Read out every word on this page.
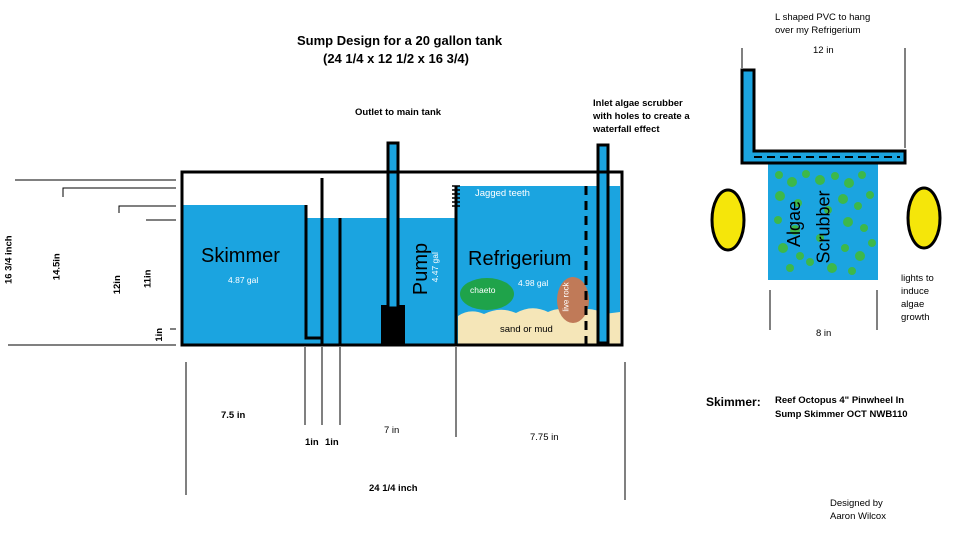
Sump Design for a 20 gallon tank
(24 1/4 x 12 1/2 x 16 3/4)
Outlet to main tank
Inlet algae scrubber
with holes to create a
waterfall effect
Jagged teeth
Skimmer
4.87 gal	Pump
4.47 gal Refrigerium
4.98 gal
chaeto	live rock
sand or mud
16 3/4 inch	14.5in
12in 11in
1in
7.5 in
1in 1in
7 in
7.75 in
24 1/4 inch
L shaped PVC to hang
over my Refrigerium
12 in
Algae Scrubber
8 in
lights to
induce
algae
growth
Skimmer: Reef Octopus 4" Pinwheel In
Sump Skimmer OCT NWB110
Designed by
Aaron Wilcox
